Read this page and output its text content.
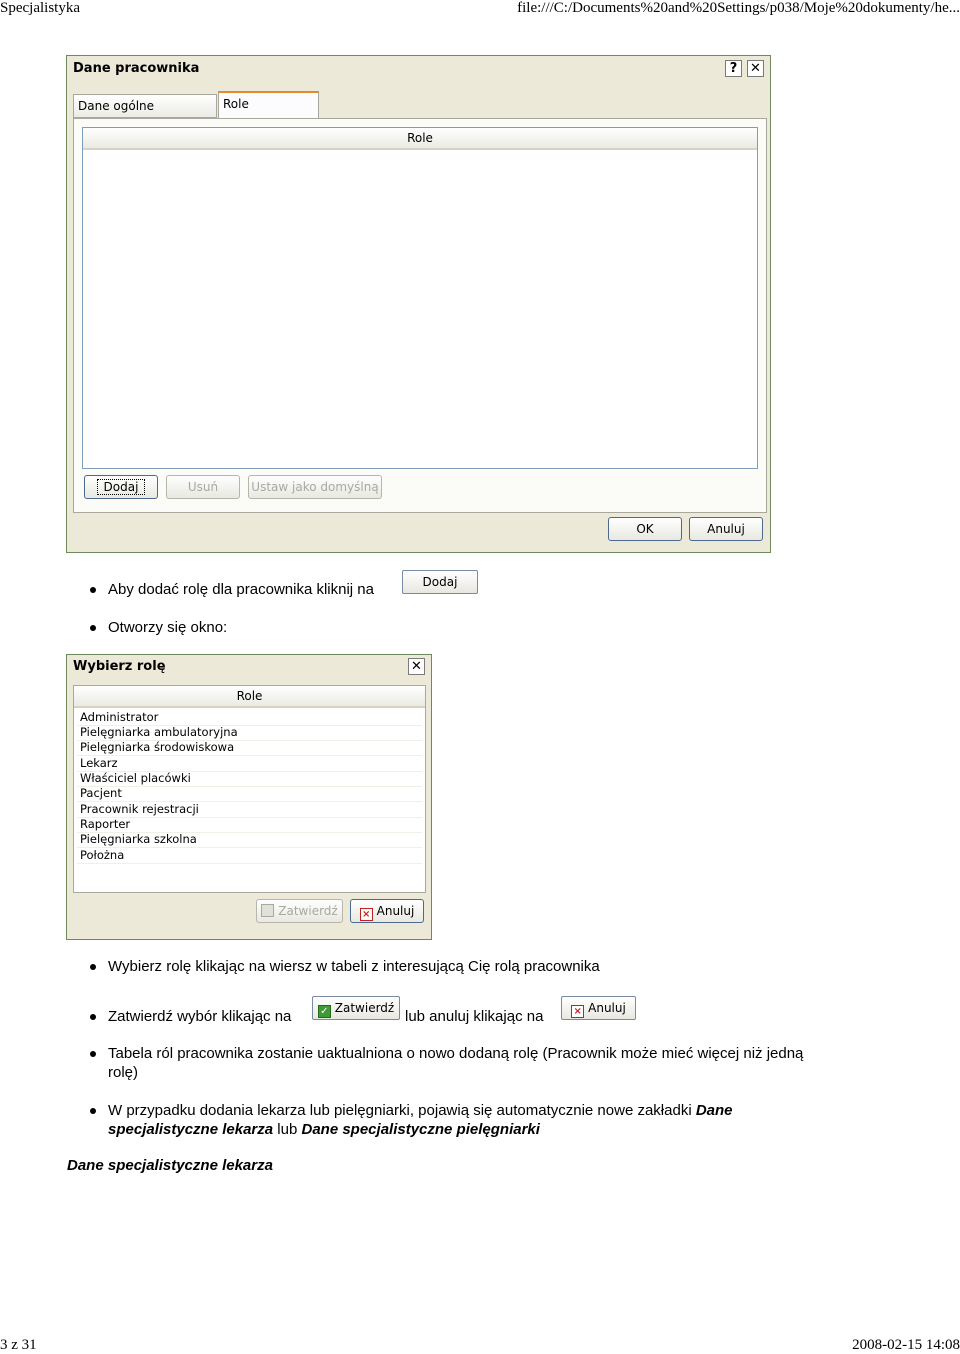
Specjalistyka	file:///C:/Documents%20and%20Settings/p038/Moje%20dokumenty/he...
Dane pracownika	? ✕
Dane ogólne	Role
Role
Dodaj	Usuń	Ustaw jako domyślną
OK	Anuluj
Aby dodać rolę dla pracownika kliknij na	Dodaj
Otworzy się okno:
Wybierz rolę	✕
Role
Administrator
Pielęgniarka ambulatoryjna
Pielęgniarka środowiskowa
Lekarz
Właściciel placówki
Pacjent
Pracownik rejestracji
Raporter
Pielęgniarka szkolna
Położna
Zatwierdź	× Anuluj
Wybierz rolę klikając na wiersz w tabeli z interesującą Cię rolą pracownika
Zatwierdź wybór klikając na	✓ Zatwierdź lub anuluj klikając na	× Anuluj
Tabela ról pracownika zostanie uaktualniona o nowo dodaną rolę (Pracownik może mieć więcej niż jedną
rolę)
W przypadku dodania lekarza lub pielęgniarki, pojawią się automatycznie nowe zakładki Dane
specjalistyczne lekarza lub Dane specjalistyczne pielęgniarki
Dane specjalistyczne lekarza
3 z 31	2008-02-15 14:08
